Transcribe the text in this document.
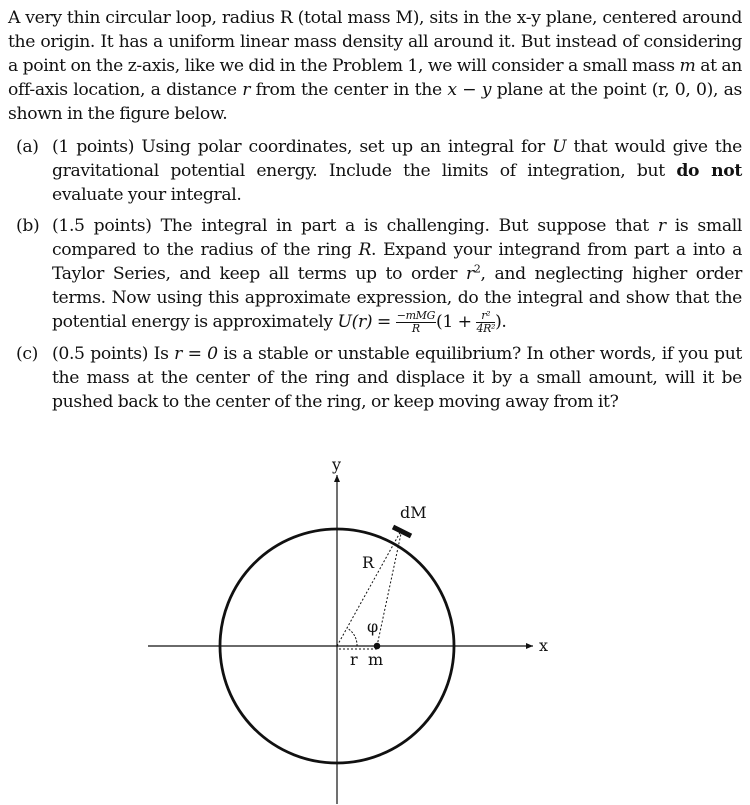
A very thin circular loop, radius R (total mass M), sits in the x-y plane, centered around the origin. It has a uniform linear mass density all around it. But instead of considering a point on the z-axis, like we did in the Problem 1, we will consider a small mass m at an off-axis location, a distance r from the center in the x − y plane at the point (r, 0, 0), as shown in the figure below.

(a) (1 points) Using polar coordinates, set up an integral for U that would give the gravitational potential energy. Include the limits of integration, but do not evaluate your integral.
(b) (1.5 points) The integral in part a is challenging. But suppose that r is small compared to the radius of the ring R. Expand your integrand from part a into a Taylor Series, and keep all terms up to order $r^2$, and neglecting higher order terms. Now using this approximate expression, do the integral and show that the potential energy is approximately $U(r) = \frac{\text{−mMG}}{R} (1 + \frac{\text{r²}}{\text{4R²}}$ ).
(c) (0.5 points) Is r = 0 is a stable or unstable equilibrium? In other words, if you put the mass at the center of the ring and displace it by a small amount, will it be pushed back to the center of the ring, or keep moving away from it?
y
x
dM
R
φ
r m
